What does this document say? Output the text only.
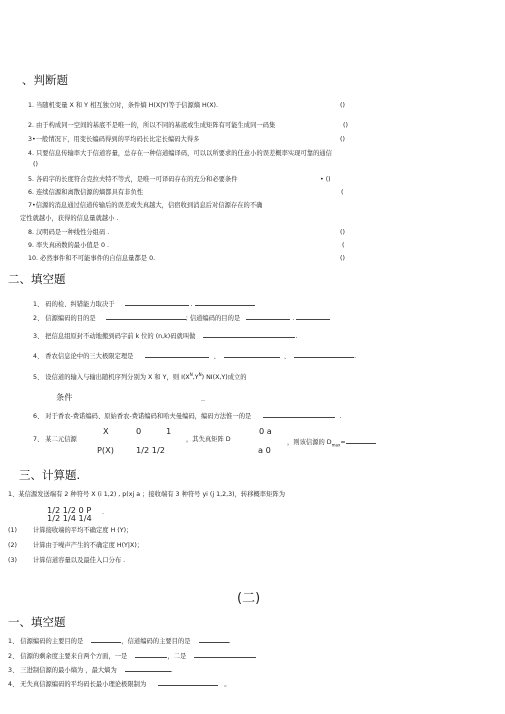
、判断题
1. 当随机变量 X 和 Y 相互独立时，条件熵 H(X|Y)等于信源熵 H(X).	()
2. 由于构成同一空间的基底不是唯一的，所以不同的基底或生成矩阵有可能生成同一码集	()
3•一般情况下，用变长编码得到的平均码长比定长编码大得多	()
4. 只要信息传输率大于信道容量，总存在一种信道编译码，可以以所要求的任意小的误差概率实现可靠的通信
()
5. 各码字的长度符合克拉夫特不等式，是唯一可译码存在的充分和必要条件	• ()
6. 连续信源和离散信源的熵都具有非负性	(
7•信源的消息通过信道传输后的误差或失真越大，信宿收到消息后对信源存在的不确
定性就越小，获得的信息量就越小 .
8. 汉明码是一种线性分组码 .	()
9. 率失真函数的最小值是 0 .	(
10. 必然事件和不可能事件的自信息量都是 0.	()
二、填空题
1、 码的检、纠错能力取决于	.
2、 信源编码的目的是	; 信道编码的目的是	.
3、 把信息组原封不动地搬到码字前 k 位的 (n,k)码就叫做	.
4、 香农信息论中的三大极限定理是	、	、	.
5、 设信道的输入与输出随机序列分别为 X 和 Y，则 $I(X^N,Y^N)$ NI(X,Y)成立的
条件	..
6、 对于香农-费诺编码、原始香农-费诺编码和哈夫曼编码，编码方法惟一的是	.
X	0	1	0 a
7、 某二元信源	，其失真矩阵 D	，则该信源的 $D_{max}=$
P(X)	1/2 1/2	a 0
三、计算题.
1、某信源发送端有 2 种符号 X (i 1,2) , p(xj a ；接收端有 3 种符号 yi (j 1,2,3)，转移概率矩阵为
1/2 1/2 0 P .
1/2 1/4 1/4
(1)	计算接收端的平均不确定度 H (Y)；
(2)	计算由于噪声产生的不确定度 H(Y|X)；
(3)	计算信道容量以及最佳入口分布 .
(二)
一、填空题
1、 信源编码的主要目的是	，信道编码的主要目的是	.
2、 信源的剩余度主要来自两个方面，一是	，二是
3、 三进制信源的最小熵为 ，最大熵为	.
4、 无失真信源编码的平均码长最小理论极限制为	。
